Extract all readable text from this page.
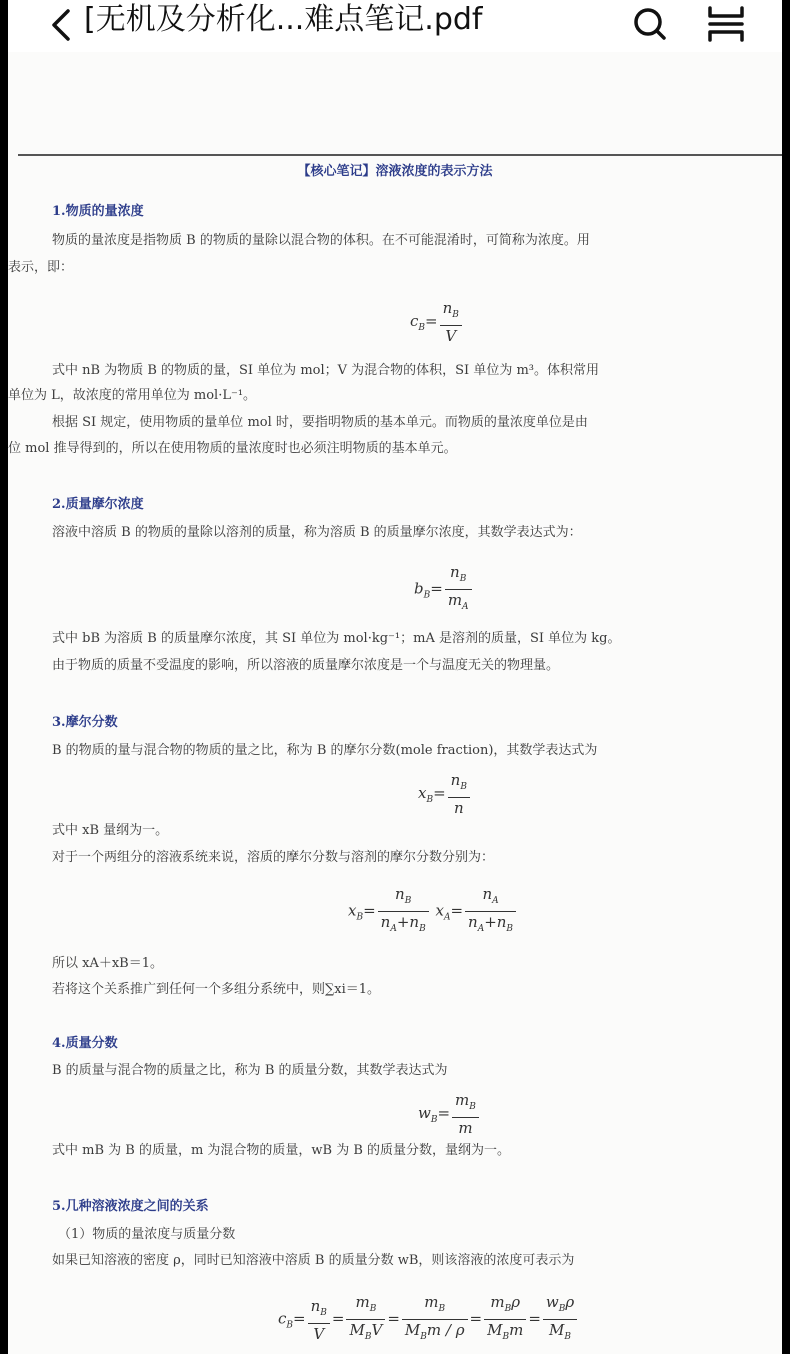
[无机及分析化...难点笔记.pdf
【核心笔记】溶液浓度的表示方法
1.物质的量浓度
物质的量浓度是指物质 B 的物质的量除以混合物的体积。在不可能混淆时，可简称为浓度。用
表示，即：
$c_B= \frac{n_B}{V}$
式中 nB 为物质 B 的物质的量，SI 单位为 mol；V 为混合物的体积，SI 单位为 m³。体积常用
单位为 L，故浓度的常用单位为 mol·L⁻¹。
根据 SI 规定，使用物质的量单位 mol 时，要指明物质的基本单元。而物质的量浓度单位是由
位 mol 推导得到的，所以在使用物质的量浓度时也必须注明物质的基本单元。
2.质量摩尔浓度
溶液中溶质 B 的物质的量除以溶剂的质量，称为溶质 B 的质量摩尔浓度，其数学表达式为：
$b_B= \frac{n_B}{m_A}$
式中 bB 为溶质 B 的质量摩尔浓度，其 SI 单位为 mol·kg⁻¹；mA 是溶剂的质量，SI 单位为 kg。
由于物质的质量不受温度的影响，所以溶液的质量摩尔浓度是一个与温度无关的物理量。
3.摩尔分数
B 的物质的量与混合物的物质的量之比，称为 B 的摩尔分数(mole fraction)，其数学表达式为
$x_B= \frac{n_B}{n}$
式中 xB 量纲为一。
对于一个两组分的溶液系统来说，溶质的摩尔分数与溶剂的摩尔分数分别为：
$x_B= \frac{n_B}{n_A+n_B} x_A= \frac{n_A}{n_A+n_B}$
所以 xA＋xB＝1。
若将这个关系推广到任何一个多组分系统中，则∑xi＝1。
4.质量分数
B 的质量与混合物的质量之比，称为 B 的质量分数，其数学表达式为
$w_B= \frac{m_B}{m}$
式中 mB 为 B 的质量，m 为混合物的质量，wB 为 B 的质量分数，量纲为一。
5.几种溶液浓度之间的关系
（1）物质的量浓度与质量分数
如果已知溶液的密度 ρ，同时已知溶液中溶质 B 的质量分数 wB，则该溶液的浓度可表示为
$c_B= \frac{n_B}{V} = \frac{m_B}{M_BV} = \frac{m_B}{M_Bm / \rho} = \frac{m_B\rho}{M_Bm} = \frac{w_B\rho}{M_B}$
